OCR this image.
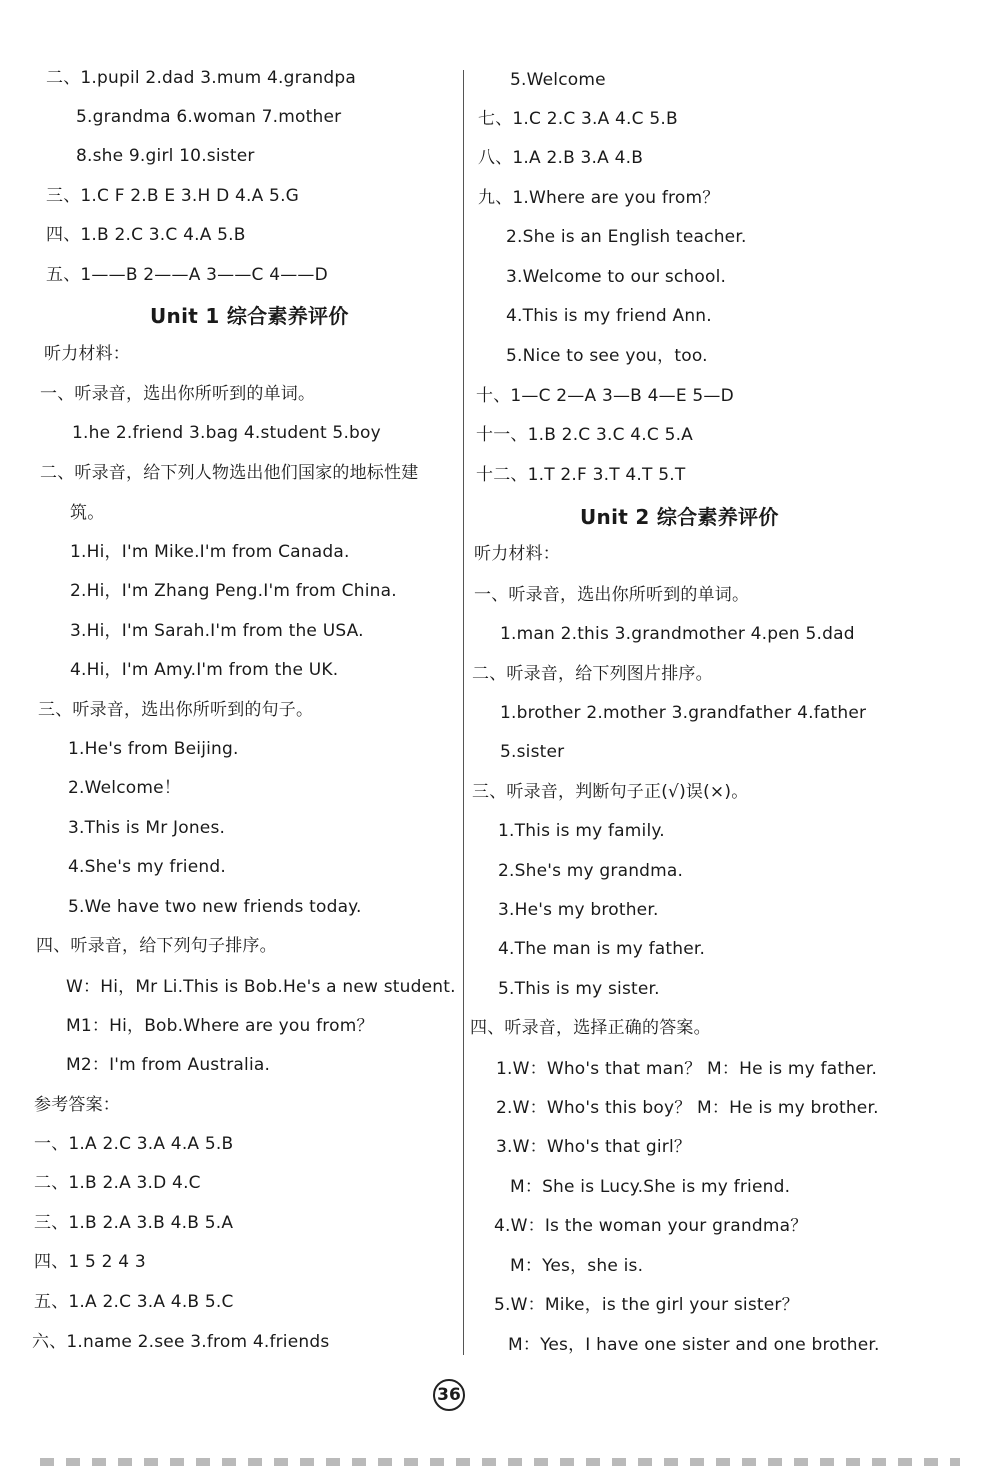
二、1.pupil 2.dad 3.mum 4.grandpa
5.grandma 6.woman 7.mother
8.she 9.girl 10.sister
三、1.C F 2.B E 3.H D 4.A 5.G
四、1.B 2.C 3.C 4.A 5.B
五、1——B 2——A 3——C 4——D
Unit 1 综合素养评价
听力材料：
一、听录音，选出你所听到的单词。
1.he 2.friend 3.bag 4.student 5.boy
二、听录音，给下列人物选出他们国家的地标性建
筑。
1.Hi，I'm Mike.I'm from Canada.
2.Hi，I'm Zhang Peng.I'm from China.
3.Hi，I'm Sarah.I'm from the USA.
4.Hi，I'm Amy.I'm from the UK.
三、听录音，选出你所听到的句子。
1.He's from Beijing.
2.Welcome！
3.This is Mr Jones.
4.She's my friend.
5.We have two new friends today.
四、听录音，给下列句子排序。
W：Hi，Mr Li.This is Bob.He's a new student.
M1：Hi，Bob.Where are you from？
M2：I'm from Australia.
参考答案：
一、1.A 2.C 3.A 4.A 5.B
二、1.B 2.A 3.D 4.C
三、1.B 2.A 3.B 4.B 5.A
四、1 5 2 4 3
五、1.A 2.C 3.A 4.B 5.C
六、1.name 2.see 3.from 4.friends
5.Welcome
七、1.C 2.C 3.A 4.C 5.B
八、1.A 2.B 3.A 4.B
九、1.Where are you from？
2.She is an English teacher.
3.Welcome to our school.
4.This is my friend Ann.
5.Nice to see you，too.
十、1—C 2—A 3—B 4—E 5—D
十一、1.B 2.C 3.C 4.C 5.A
十二、1.T 2.F 3.T 4.T 5.T
Unit 2 综合素养评价
听力材料：
一、听录音，选出你所听到的单词。
1.man 2.this 3.grandmother 4.pen 5.dad
二、听录音，给下列图片排序。
1.brother 2.mother 3.grandfather 4.father
5.sister
三、听录音，判断句子正(√)误(×)。
1.This is my family.
2.She's my grandma.
3.He's my brother.
4.The man is my father.
5.This is my sister.
四、听录音，选择正确的答案。
1.W：Who's that man？ M：He is my father.
2.W：Who's this boy？ M：He is my brother.
3.W：Who's that girl？
M：She is Lucy.She is my friend.
4.W：Is the woman your grandma？
M：Yes，she is.
5.W：Mike，is the girl your sister？
M：Yes，I have one sister and one brother.
36
